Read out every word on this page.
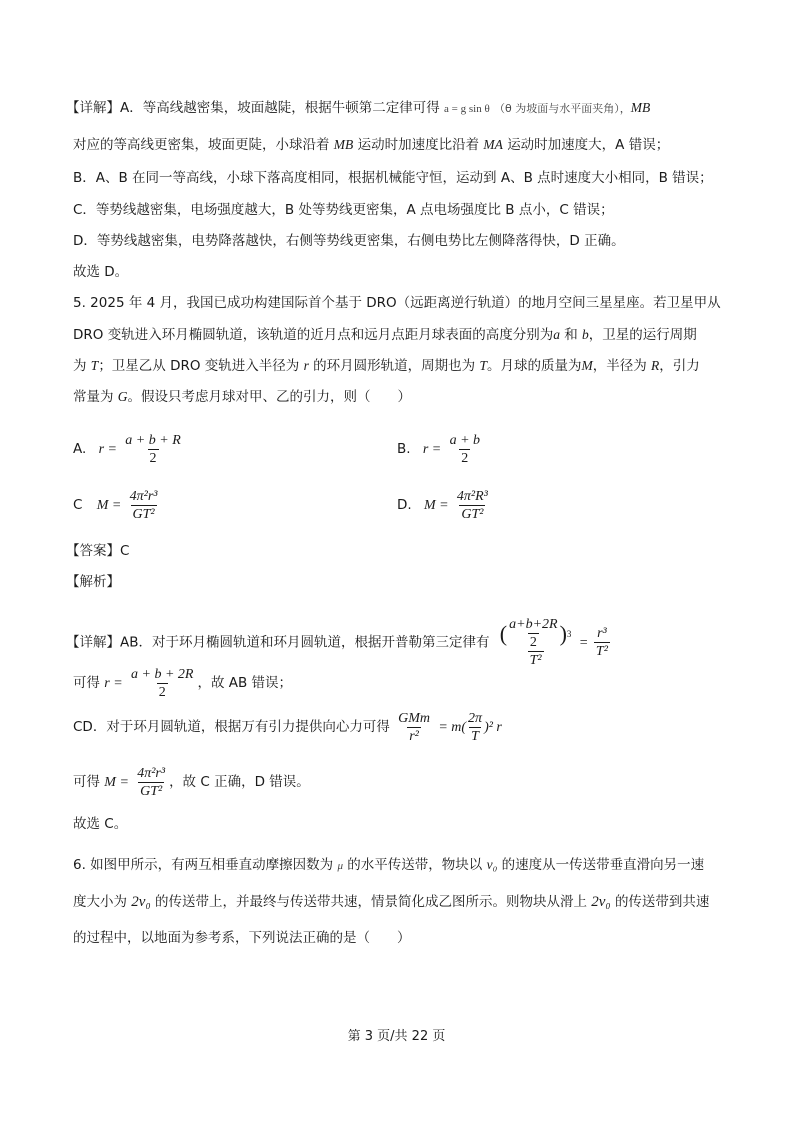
【详解】A．等高线越密集，坡面越陡，根据牛顿第二定律可得 a = g sin θ （θ 为坡面与水平面夹角），MB
对应的等高线更密集，坡面更陡，小球沿着 MB 运动时加速度比沿着 MA 运动时加速度大，A 错误；
B．A、B 在同一等高线，小球下落高度相同，根据机械能守恒，运动到 A、B 点时速度大小相同，B 错误；
C．等势线越密集，电场强度越大，B 处等势线更密集，A 点电场强度比 B 点小，C 错误；
D．等势线越密集，电势降落越快，右侧等势线更密集，右侧电势比左侧降落得快，D 正确。
故选 D。
5. 2025 年 4 月，我国已成功构建国际首个基于 DRO（远距离逆行轨道）的地月空间三星星座。若卫星甲从
DRO 变轨进入环月椭圆轨道，该轨道的近月点和远月点距月球表面的高度分别为a 和 b，卫星的运行周期
为 T；卫星乙从 DRO 变轨进入半径为 r 的环月圆形轨道，周期也为 T。月球的质量为M，半径为 R，引力
常量为 G。假设只考虑月球对甲、乙的引力，则（　　）
A. $r = \frac{a + b + R}{2}$	B. $r = \frac{a + b}{2}$
C $M = \frac{\text{4π²r³}}{\text{GT²}}$	D. $M = \frac{\text{4π²R³}}{\text{GT²}}$
【答案】C
【解析】
【详解】AB．对于环月椭圆轨道和环月圆轨道，根据开普勒第三定律有 $\frac{( \frac{a+b+2R}{2} ) 3}{\text{T²}} = \frac{\text{r³}}{\text{T²}}$
可得 $r = \frac{a + b + 2R}{2}$ ，故 AB 错误；
CD．对于环月圆轨道，根据万有引力提供向心力可得 $\frac{\text{GMm}}{\text{r²}} = m( \frac{2\pi}{T} )^2$ r
可得 $M = \frac{\text{4π²r³}}{\text{GT²}}$ ，故 C 正确，D 错误。
故选 C。
6. 如图甲所示，有两互相垂直动摩擦因数为 μ 的水平传送带，物块以 v₀ 的速度从一传送带垂直滑向另一速
度大小为 2v₀ 的传送带上，并最终与传送带共速，情景简化成乙图所示。则物块从滑上 2v₀ 的传送带到共速
的过程中，以地面为参考系，下列说法正确的是（　　）
第 3 页/共 22 页
